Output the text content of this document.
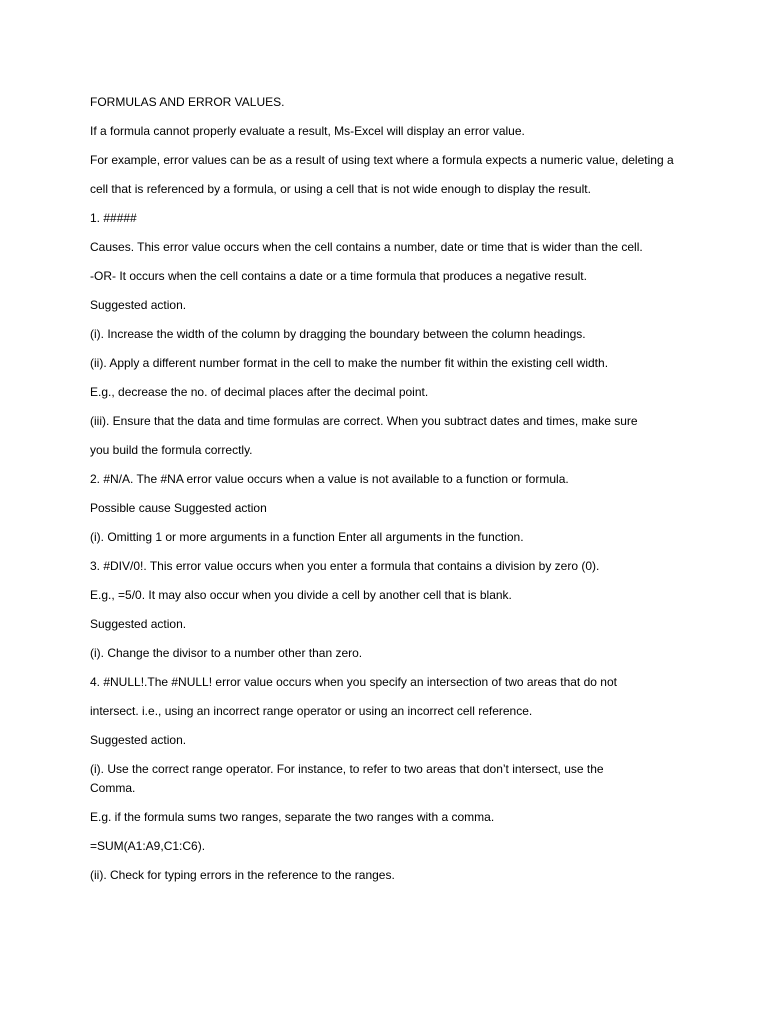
FORMULAS AND ERROR VALUES.

If a formula cannot properly evaluate a result, Ms-Excel will display an error value.

For example, error values can be as a result of using text where a formula expects a numeric value, deleting a

cell that is referenced by a formula, or using a cell that is not wide enough to display the result.

1. #####

Causes. This error value occurs when the cell contains a number, date or time that is wider than the cell.

-OR- It occurs when the cell contains a date or a time formula that produces a negative result.

Suggested action.

(i). Increase the width of the column by dragging the boundary between the column headings.

(ii). Apply a different number format in the cell to make the number fit within the existing cell width.

E.g., decrease the no. of decimal places after the decimal point.

(iii). Ensure that the data and time formulas are correct. When you subtract dates and times, make sure

you build the formula correctly.

2. #N/A. The #NA error value occurs when a value is not available to a function or formula.

Possible cause Suggested action

(i). Omitting 1 or more arguments in a function Enter all arguments in the function.

3. #DIV/0!. This error value occurs when you enter a formula that contains a division by zero (0).

E.g., =5/0. It may also occur when you divide a cell by another cell that is blank.

Suggested action.

(i). Change the divisor to a number other than zero.

4. #NULL!.The #NULL! error value occurs when you specify an intersection of two areas that do not

intersect. i.e., using an incorrect range operator or using an incorrect cell reference.

Suggested action.

(i). Use the correct range operator. For instance, to refer to two areas that don’t intersect, use the Comma.

E.g. if the formula sums two ranges, separate the two ranges with a comma.

=SUM(A1:A9,C1:C6).

(ii). Check for typing errors in the reference to the ranges.
